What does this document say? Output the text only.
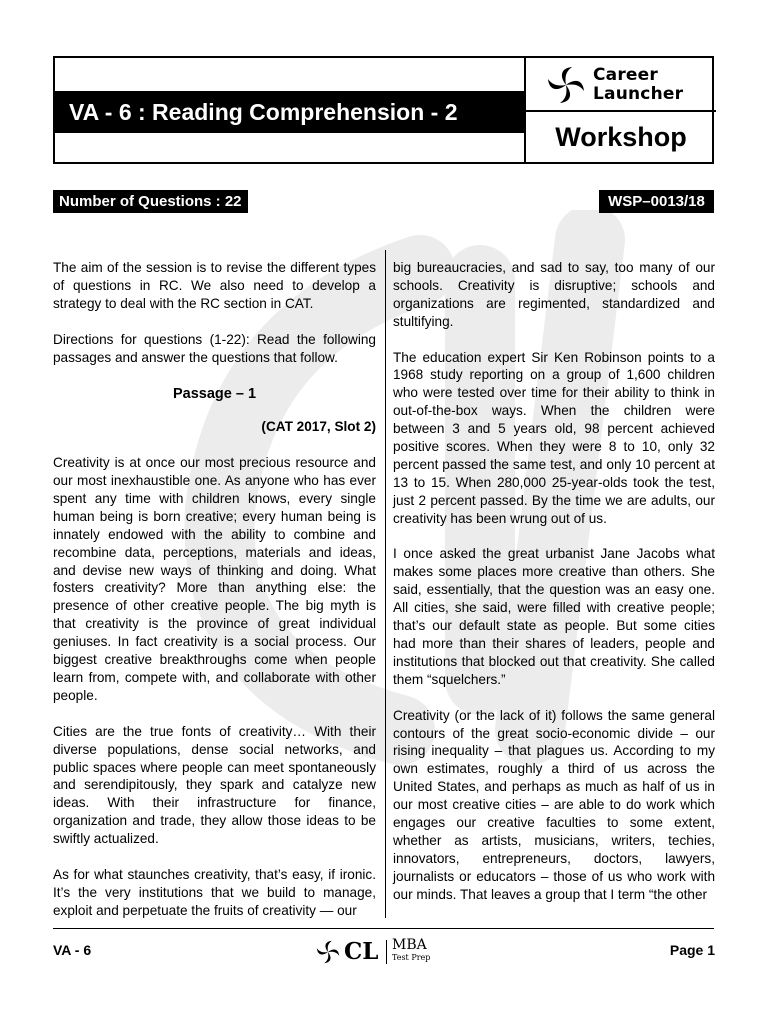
VA - 6 : Reading Comprehension - 2
Career
Launcher
Workshop
Number of Questions : 22	WSP–0013/18

The aim of the session is to revise the different types of questions in RC. We also need to develop a strategy to deal with the RC section in CAT.

Directions for questions (1-22): Read the following passages and answer the questions that follow.

Passage – 1

(CAT 2017, Slot 2)

Creativity is at once our most precious resource and our most inexhaustible one. As anyone who has ever spent any time with children knows, every single human being is born creative; every human being is innately endowed with the ability to combine and recombine data, perceptions, materials and ideas, and devise new ways of thinking and doing. What fosters creativity? More than anything else: the presence of other creative people. The big myth is that creativity is the province of great individual geniuses. In fact creativity is a social process. Our biggest creative breakthroughs come when people learn from, compete with, and collaborate with other people.

Cities are the true fonts of creativity… With their diverse populations, dense social networks, and public spaces where people can meet spontaneously and serendipitously, they spark and catalyze new ideas. With their infrastructure for finance, organization and trade, they allow those ideas to be swiftly actualized.

As for what staunches creativity, that’s easy, if ironic. It’s the very institutions that we build to manage, exploit and perpetuate the fruits of creativity — our

big bureaucracies, and sad to say, too many of our schools. Creativity is disruptive; schools and organizations are regimented, standardized and stultifying.

The education expert Sir Ken Robinson points to a 1968 study reporting on a group of 1,600 children who were tested over time for their ability to think in out-of-the-box ways. When the children were between 3 and 5 years old, 98 percent achieved positive scores. When they were 8 to 10, only 32 percent passed the same test, and only 10 percent at 13 to 15. When 280,000 25-year-olds took the test, just 2 percent passed. By the time we are adults, our creativity has been wrung out of us.

I once asked the great urbanist Jane Jacobs what makes some places more creative than others. She said, essentially, that the question was an easy one. All cities, she said, were filled with creative people; that’s our default state as people. But some cities had more than their shares of leaders, people and institutions that blocked out that creativity. She called them “squelchers.”

Creativity (or the lack of it) follows the same general contours of the great socio-economic divide – our rising inequality – that plagues us. According to my own estimates, roughly a third of us across the United States, and perhaps as much as half of us in our most creative cities – are able to do work which engages our creative faculties to some extent, whether as artists, musicians, writers, techies, innovators, entrepreneurs, doctors, lawyers, journalists or educators – those of us who work with our minds. That leaves a group that I term “the other

VA - 6	CL MBA
Test Prep	Page 1
